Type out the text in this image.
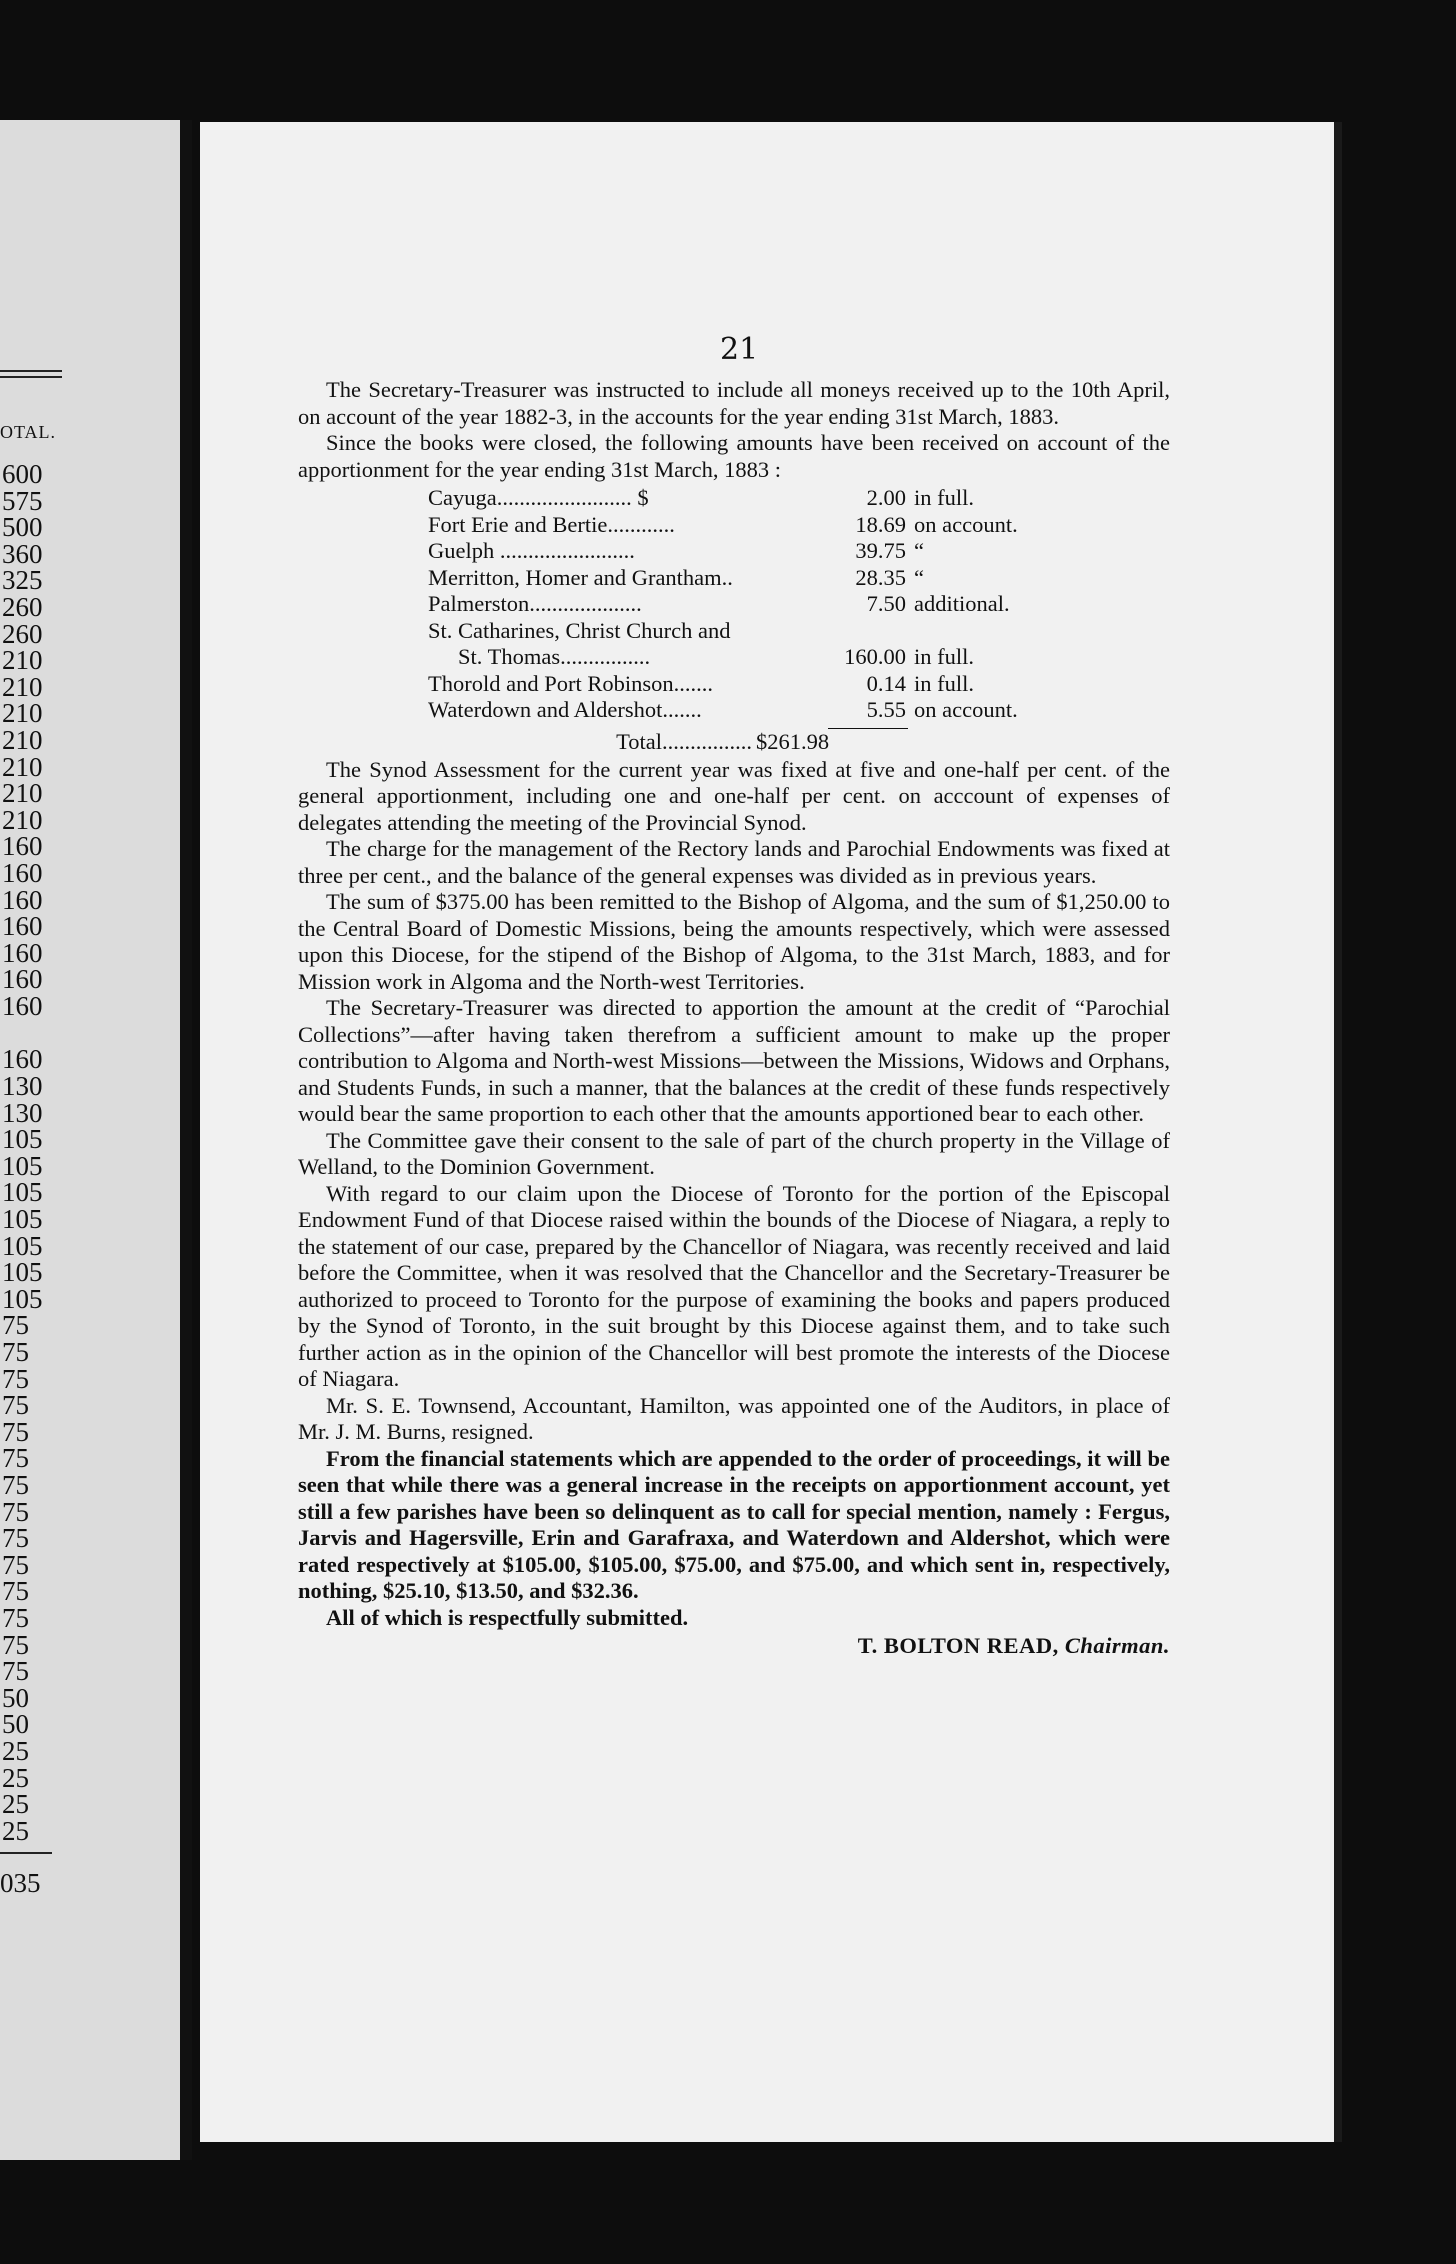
OTAL.
600
575
500
360
325
260
260
210
210
210
210
210
210
210
160
160
160
160
160
160
160
160
130
130
105
105
105
105
105
105
105
75
75
75
75
75
75
75
75
75
75
75
75
75
75
50
50
25
25
25
25
035
21

The Secretary-Treasurer was instructed to include all moneys received up to the 10th April, on account of the year 1882-3, in the accounts for the year ending 31st March, 1883.

Since the books were closed, the following amounts have been received on account of the apportionment for the year ending 31st March, 1883 :

Cayuga........................ $	2.00 in full.
Fort Erie and Bertie............	18.69 on account.
Guelph ........................	39.75 “
Merritton, Homer and Grantham..	28.35 “
Palmerston....................	7.50 additional.
St. Catharines, Christ Church and
St. Thomas................	160.00 in full.
Thorold and Port Robinson.......	0.14 in full.
Waterdown and Aldershot.......	5.55 on account.
Total................ $261.98

The Synod Assessment for the current year was fixed at five and one-half per cent. of the general apportionment, including one and one-half per cent. on acccount of expenses of delegates attending the meeting of the Provincial Synod.

The charge for the management of the Rectory lands and Parochial Endowments was fixed at three per cent., and the balance of the general expenses was divided as in previous years.

The sum of $375.00 has been remitted to the Bishop of Algoma, and the sum of $1,250.00 to the Central Board of Domestic Missions, being the amounts respectively, which were assessed upon this Diocese, for the stipend of the Bishop of Algoma, to the 31st March, 1883, and for Mission work in Algoma and the North-west Territories.

The Secretary-Treasurer was directed to apportion the amount at the credit of “Parochial Collections”—after having taken therefrom a sufficient amount to make up the proper contribution to Algoma and North-west Missions—between the Missions, Widows and Orphans, and Students Funds, in such a manner, that the balances at the credit of these funds respectively would bear the same proportion to each other that the amounts apportioned bear to each other.

The Committee gave their consent to the sale of part of the church property in the Village of Welland, to the Dominion Government.

With regard to our claim upon the Diocese of Toronto for the portion of the Episcopal Endowment Fund of that Diocese raised within the bounds of the Diocese of Niagara, a reply to the statement of our case, prepared by the Chancellor of Niagara, was recently received and laid before the Committee, when it was resolved that the Chancellor and the Secretary-Treasurer be authorized to proceed to Toronto for the purpose of examining the books and papers produced by the Synod of Toronto, in the suit brought by this Diocese against them, and to take such further action as in the opinion of the Chancellor will best promote the interests of the Diocese of Niagara.

Mr. S. E. Townsend, Accountant, Hamilton, was appointed one of the Auditors, in place of Mr. J. M. Burns, resigned.

From the financial statements which are appended to the order of proceedings, it will be seen that while there was a general increase in the receipts on apportionment account, yet still a few parishes have been so delinquent as to call for special mention, namely : Fergus, Jarvis and Hagersville, Erin and Garafraxa, and Waterdown and Aldershot, which were rated respectively at $105.00, $105.00, $75.00, and $75.00, and which sent in, respectively, nothing, $25.10, $13.50, and $32.36.

All of which is respectfully submitted.

T. BOLTON READ, Chairman.
